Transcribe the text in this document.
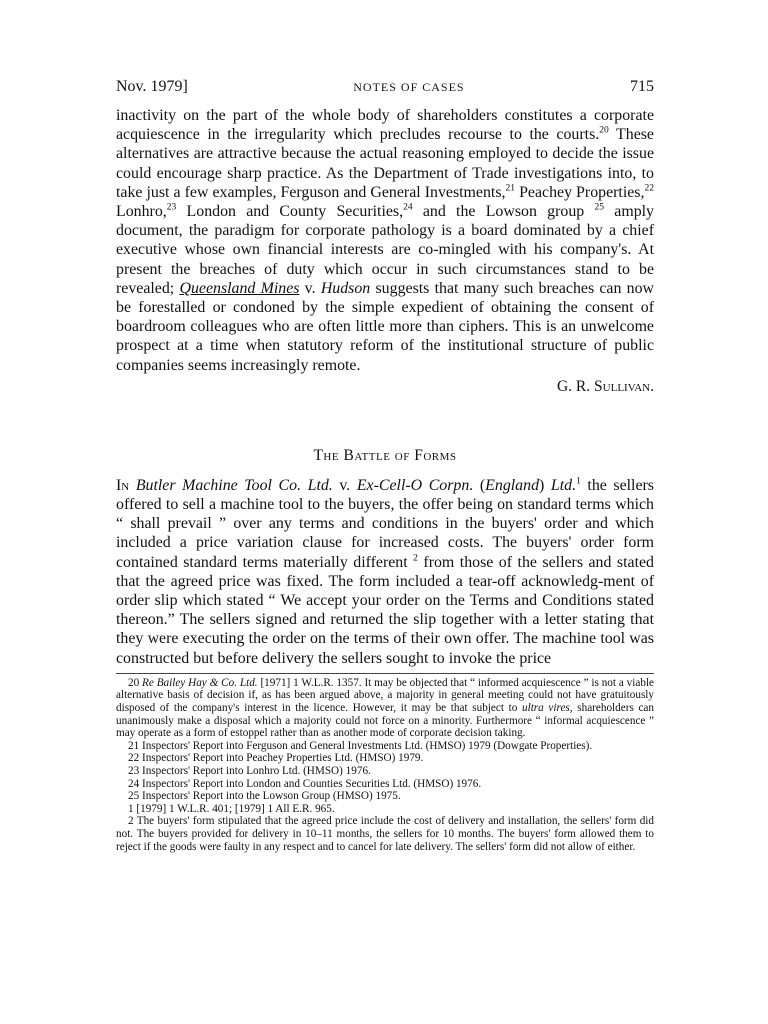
Nov. 1979]	NOTES OF CASES	715

inactivity on the part of the whole body of shareholders constitutes a corporate acquiescence in the irregularity which precludes recourse to the courts.$^{20}$ These alternatives are attractive because the actual reasoning employed to decide the issue could encourage sharp practice. As the Department of Trade investigations into, to take just a few examples, Ferguson and General Investments,$^{21}$ Peachey Properties,$^{22}$ Lonhro,$^{23}$ London and County Securities,$^{24}$ and the Lowson group $^{25}$ amply document, the paradigm for corporate pathology is a board dominated by a chief executive whose own financial interests are co-mingled with his company's. At present the breaches of duty which occur in such circumstances stand to be revealed; Queensland Mines v. Hudson suggests that many such breaches can now be forestalled or condoned by the simple expedient of obtaining the consent of boardroom colleagues who are often little more than ciphers. This is an unwelcome prospect at a time when statutory reform of the institutional structure of public companies seems increasingly remote.

G. R. Sullivan.
The Battle of Forms

In Butler Machine Tool Co. Ltd. v. Ex-Cell-O Corpn. (England) Ltd.$^1$ the sellers offered to sell a machine tool to the buyers, the offer being on standard terms which “ shall prevail ” over any terms and conditions in the buyers' order and which included a price variation clause for increased costs. The buyers' order form contained standard terms materially different $^2$ from those of the sellers and stated that the agreed price was fixed. The form included a tear-off acknowledg-ment of order slip which stated “ We accept your order on the Terms and Conditions stated thereon.” The sellers signed and returned the slip together with a letter stating that they were executing the order on the terms of their own offer. The machine tool was constructed but before delivery the sellers sought to invoke the price

20 Re Bailey Hay & Co. Ltd. [1971] 1 W.L.R. 1357. It may be objected that “ informed acquiescence ” is not a viable alternative basis of decision if, as has been argued above, a majority in general meeting could not have gratuitously disposed of the company's interest in the licence. However, it may be that subject to ultra vires, shareholders can unanimously make a disposal which a majority could not force on a minority. Furthermore “ informal acquiescence ” may operate as a form of estoppel rather than as another mode of corporate decision taking.

21 Inspectors' Report into Ferguson and General Investments Ltd. (HMSO) 1979 (Dowgate Properties).

22 Inspectors' Report into Peachey Properties Ltd. (HMSO) 1979.

23 Inspectors' Report into Lonhro Ltd. (HMSO) 1976.

24 Inspectors' Report into London and Counties Securities Ltd. (HMSO) 1976.

25 Inspectors' Report into the Lowson Group (HMSO) 1975.

1 [1979] 1 W.L.R. 401; [1979] 1 All E.R. 965.

2 The buyers' form stipulated that the agreed price include the cost of delivery and installation, the sellers' form did not. The buyers provided for delivery in 10–11 months, the sellers for 10 months. The buyers' form allowed them to reject if the goods were faulty in any respect and to cancel for late delivery. The sellers' form did not allow of either.
